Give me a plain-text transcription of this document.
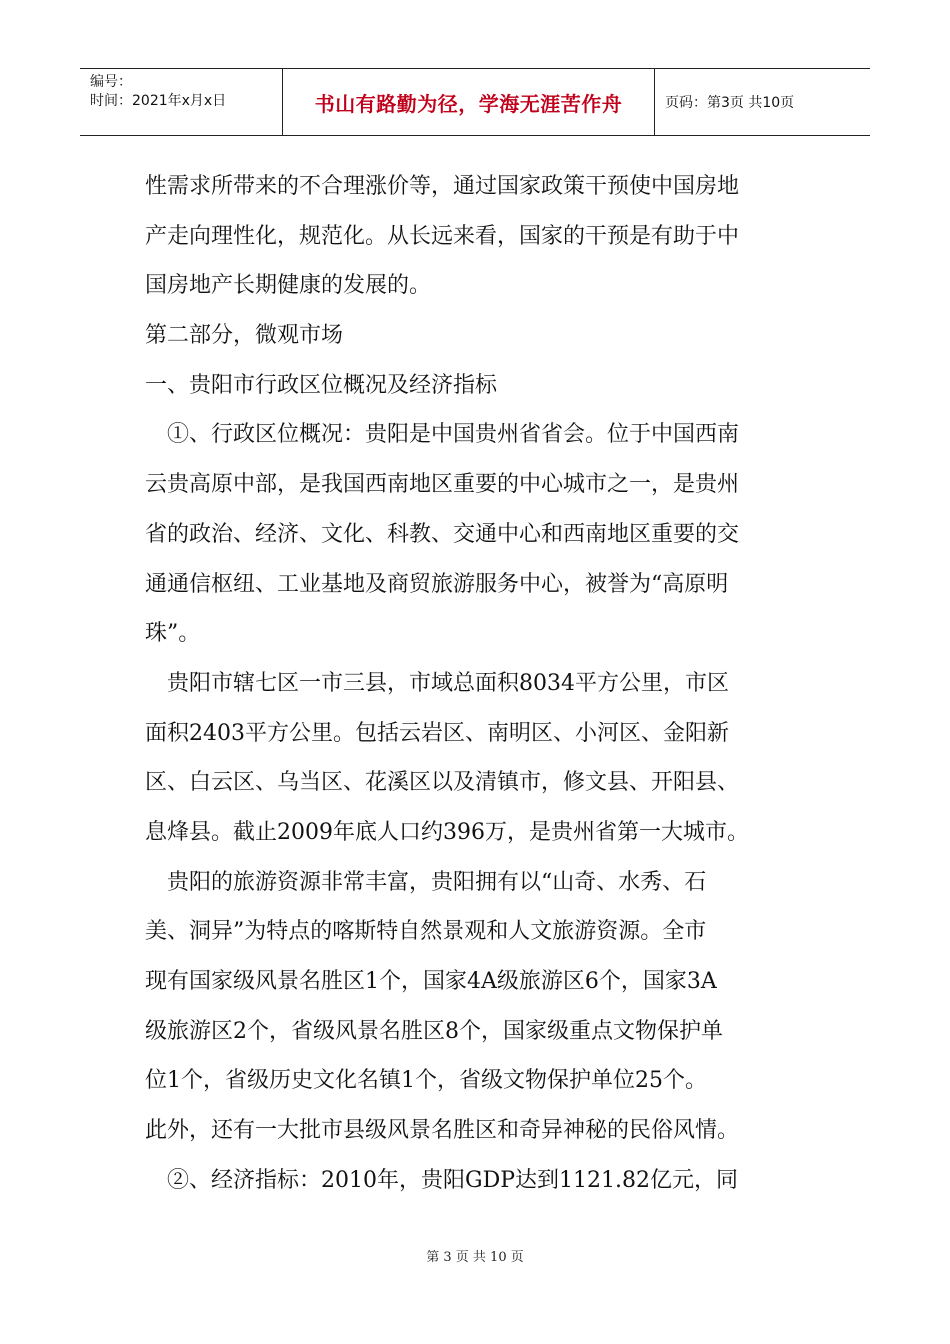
编号：
时间：2021年x月x日	书山有路勤为径，学海无涯苦作舟	页码：第3页 共10页
性需求所带来的不合理涨价等，通过国家政策干预使中国房地
产走向理性化，规范化。从长远来看，国家的干预是有助于中
国房地产长期健康的发展的。
第二部分，微观市场
一、贵阳市行政区位概况及经济指标
　①、行政区位概况：贵阳是中国贵州省省会。位于中国西南
云贵高原中部，是我国西南地区重要的中心城市之一，是贵州
省的政治、经济、文化、科教、交通中心和西南地区重要的交
通通信枢纽、工业基地及商贸旅游服务中心，被誉为“高原明
珠”。
　贵阳市辖七区一市三县，市域总面积8034平方公里，市区
面积2403平方公里。包括云岩区、南明区、小河区、金阳新
区、白云区、乌当区、花溪区以及清镇市，修文县、开阳县、
息烽县。截止2009年底人口约396万，是贵州省第一大城市。
　贵阳的旅游资源非常丰富，贵阳拥有以“山奇、水秀、石
美、洞异”为特点的喀斯特自然景观和人文旅游资源。全市
现有国家级风景名胜区1个，国家4A级旅游区6个，国家3A
级旅游区2个，省级风景名胜区8个，国家级重点文物保护单
位1个，省级历史文化名镇1个，省级文物保护单位25个。
此外，还有一大批市县级风景名胜区和奇异神秘的民俗风情。
　②、经济指标：2010年，贵阳GDP达到1121.82亿元，同
第 3 页 共 10 页
